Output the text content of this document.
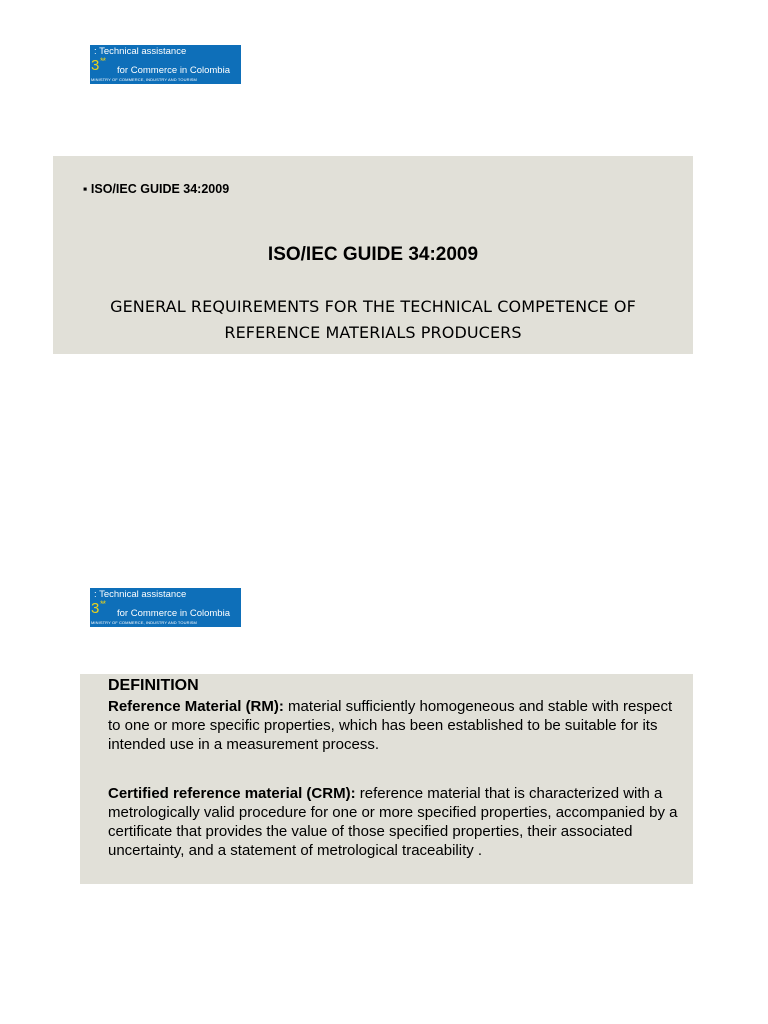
: Technical assistance
3 **
for Commerce in Colombia
MINISTRY OF COMMERCE, INDUSTRY AND TOURISM
▪ ISO/IEC GUIDE 34:2009
ISO/IEC GUIDE 34:2009
GENERAL REQUIREMENTS FOR THE TECHNICAL COMPETENCE OF
REFERENCE MATERIALS PRODUCERS
: Technical assistance
3 **
for Commerce in Colombia
MINISTRY OF COMMERCE, INDUSTRY AND TOURISM
DEFINITION
Reference Material (RM): material sufficiently homogeneous and stable with respect to one or more specific properties, which has been established to be suitable for its intended use in a measurement process.
Certified reference material (CRM): reference material that is characterized with a metrologically valid procedure for one or more specified properties, accompanied by a certificate that provides the value of those specified properties, their associated uncertainty, and a statement of metrological traceability .
